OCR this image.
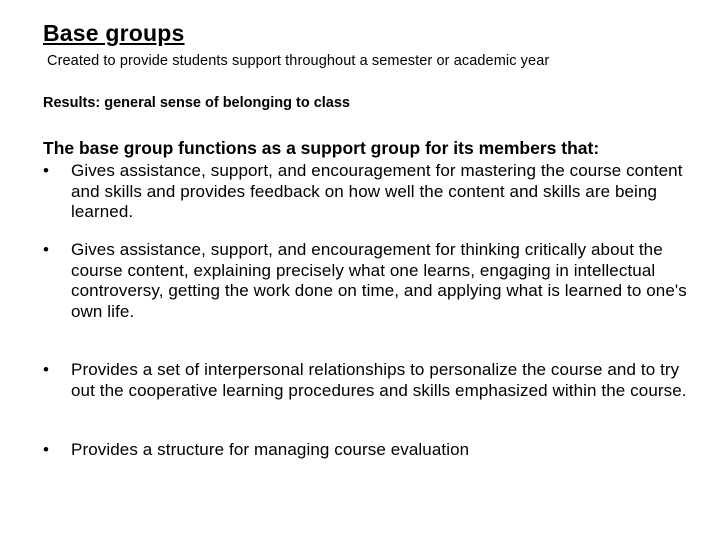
Base groups
Created to provide students support throughout a semester or academic year
Results: general sense of belonging to class
The base group functions as a support group for its members that:
• Gives assistance, support, and encouragement for mastering the course content and skills and provides feedback on how well the content and skills are being learned.
• Gives assistance, support, and encouragement for thinking critically about the course content, explaining precisely what one learns, engaging in intellectual controversy, getting the work done on time, and applying what is learned to one's own life.
• Provides a set of interpersonal relationships to personalize the course and to try out the cooperative learning procedures and skills emphasized within the course.
• Provides a structure for managing course evaluation
